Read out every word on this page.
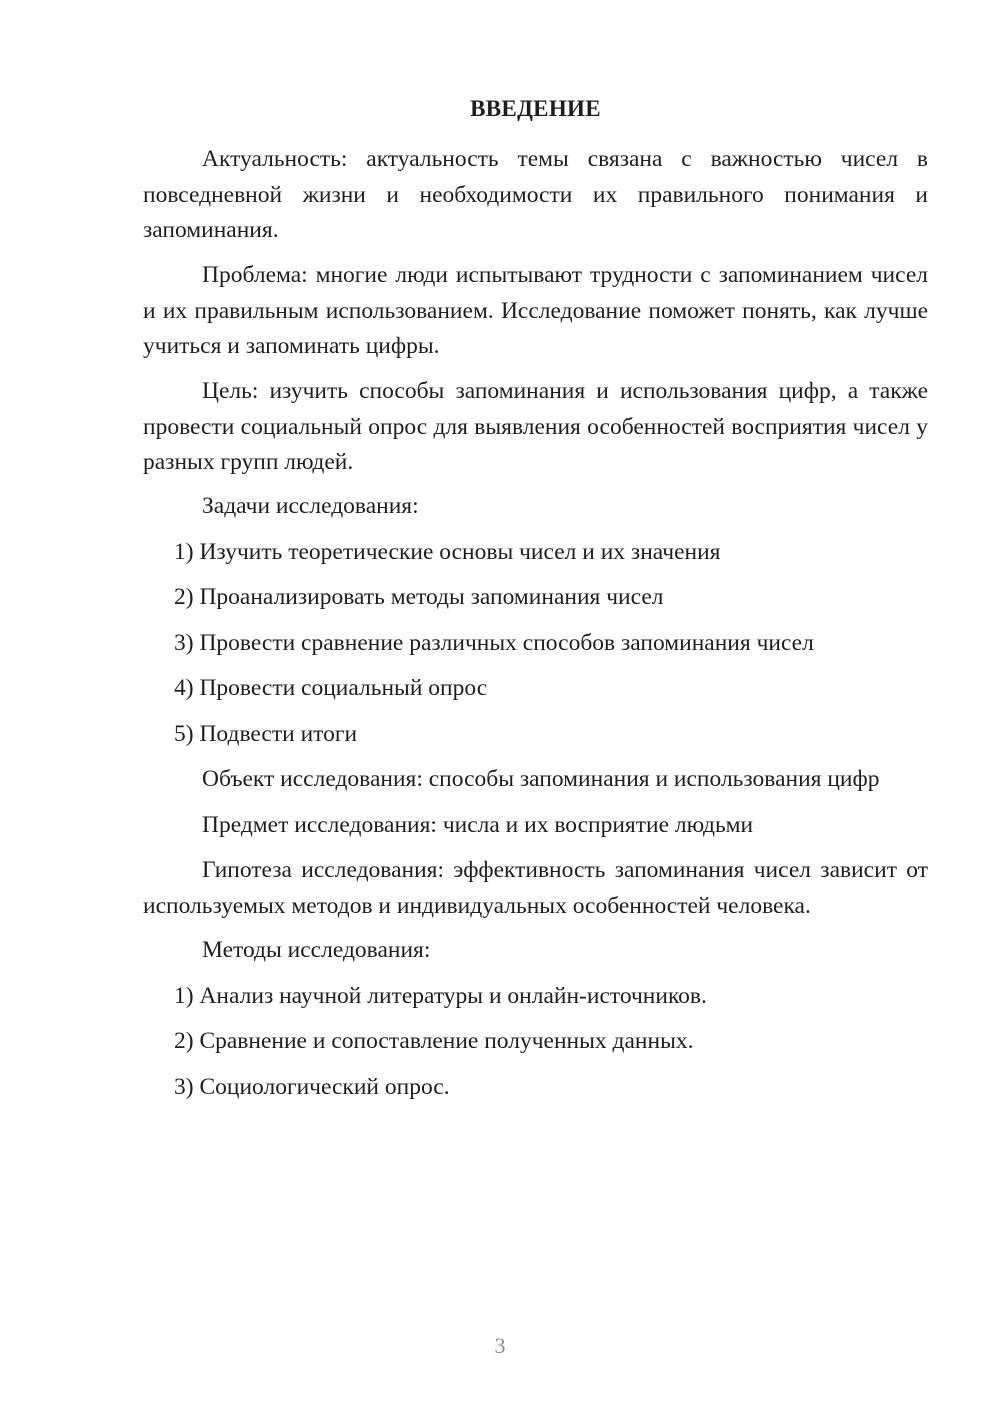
ВВЕДЕНИЕ

Актуальность: актуальность темы связана с важностью чисел в повседневной жизни и необходимости их правильного понимания и запоминания.

Проблема: многие люди испытывают трудности с запоминанием чисел и их правильным использованием. Исследование поможет понять, как лучше учиться и запоминать цифры.

Цель: изучить способы запоминания и использования цифр, а также провести социальный опрос для выявления особенностей восприятия чисел у разных групп людей.

Задачи исследования:

1) Изучить теоретические основы чисел и их значения

2) Проанализировать методы запоминания чисел

3) Провести сравнение различных способов запоминания чисел

4) Провести социальный опрос

5) Подвести итоги

Объект исследования: способы запоминания и использования цифр

Предмет исследования: числа и их восприятие людьми

Гипотеза исследования: эффективность запоминания чисел зависит от используемых методов и индивидуальных особенностей человека.

Методы исследования:

1) Анализ научной литературы и онлайн-источников.

2) Сравнение и сопоставление полученных данных.

3) Социологический опрос.

3
